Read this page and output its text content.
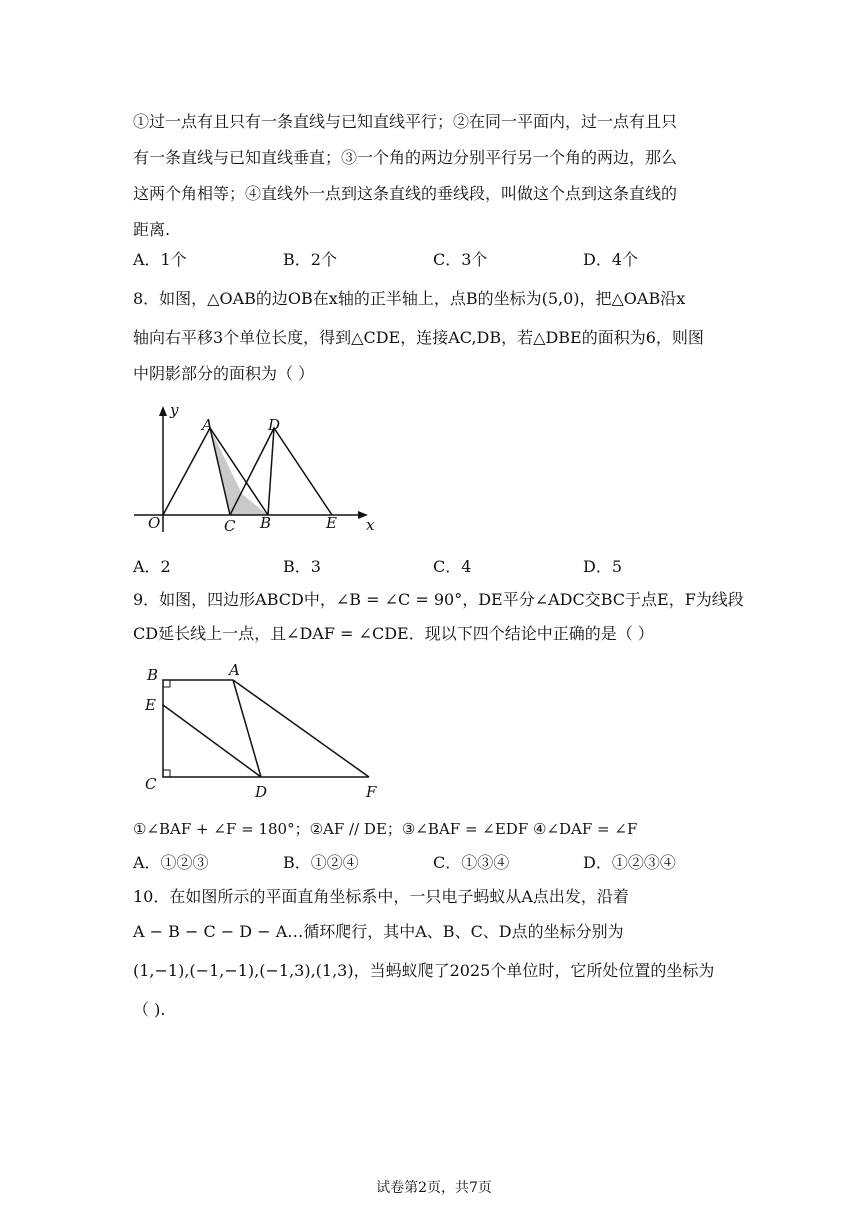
①过一点有且只有一条直线与已知直线平行；②在同一平面内，过一点有且只
有一条直线与已知直线垂直；③一个角的两边分别平行另一个角的两边，那么
这两个角相等；④直线外一点到这条直线的垂线段，叫做这个点到这条直线的
距离.
A．1个	B．2个	C．3个	D．4个
8．如图，△OAB的边OB在x轴的正半轴上，点B的坐标为(5,0)，把△OAB沿x
轴向右平移3个单位长度，得到△CDE，连接AC,DB，若△DBE的面积为6，则图
中阴影部分的面积为（ ）
y
A	D
O	C B	E x
A．2	B．3	C．4	D．5
9．如图，四边形ABCD中，∠B = ∠C = 90°，DE平分∠ADC交BC于点E，F为线段
CD延长线上一点，且∠DAF = ∠CDE．现以下四个结论中正确的是（ ）
A
B
E
C	D	F
①∠BAF + ∠F = 180°；②AF // DE；③∠BAF = ∠EDF ④∠DAF = ∠F
A．①②③	B．①②④	C．①③④	D．①②③④
10．在如图所示的平面直角坐标系中，一只电子蚂蚁从A点出发，沿着
A − B − C − D − A…循环爬行，其中A、B、C、D点的坐标分别为
(1,−1),(−1,−1),(−1,3),(1,3)，当蚂蚁爬了2025个单位时，它所处位置的坐标为
（ ).
试卷第2页，共7页
